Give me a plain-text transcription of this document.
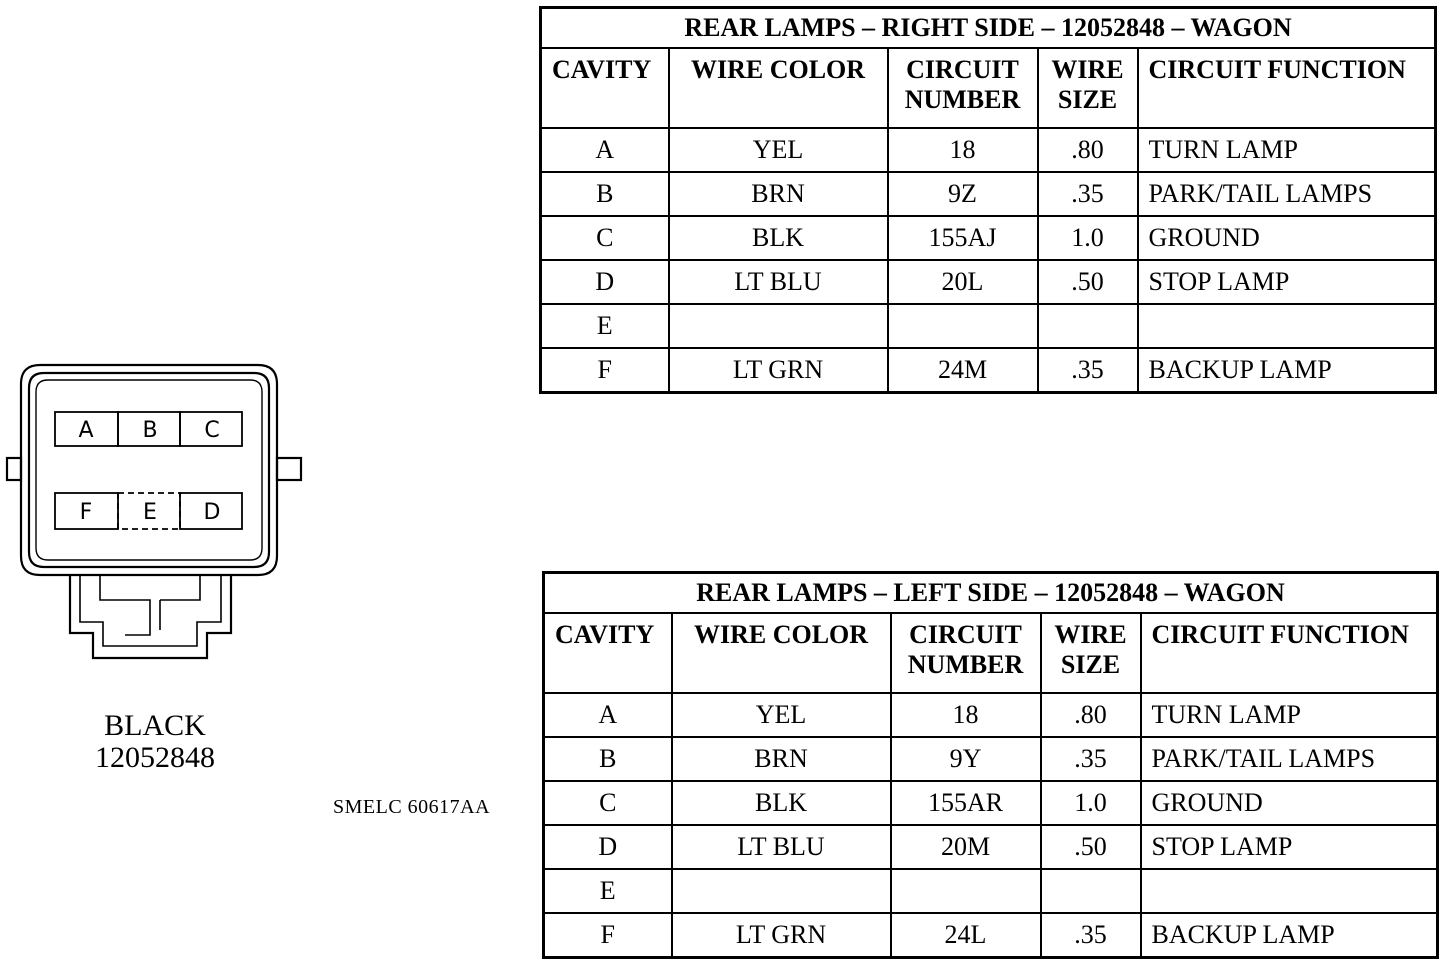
A B C
F E D
BLACK
12052848
SMELC 60617AA
REAR LAMPS – RIGHT SIDE – 12052848 – WAGON				
CAVITY	WIRE COLOR	CIRCUIT NUMBER	WIRE SIZE	CIRCUIT FUNCTION
A	YEL	18	.80	TURN LAMP
B	BRN	9Z	.35	PARK/TAIL LAMPS
C	BLK	155AJ	1.0	GROUND
D	LT BLU	20L	.50	STOP LAMP
E				
F	LT GRN	24M	.35	BACKUP LAMP
REAR LAMPS – LEFT SIDE – 12052848 – WAGON				
CAVITY	WIRE COLOR	CIRCUIT NUMBER	WIRE SIZE	CIRCUIT FUNCTION
A	YEL	18	.80	TURN LAMP
B	BRN	9Y	.35	PARK/TAIL LAMPS
C	BLK	155AR	1.0	GROUND
D	LT BLU	20M	.50	STOP LAMP
E				
F	LT GRN	24L	.35	BACKUP LAMP
